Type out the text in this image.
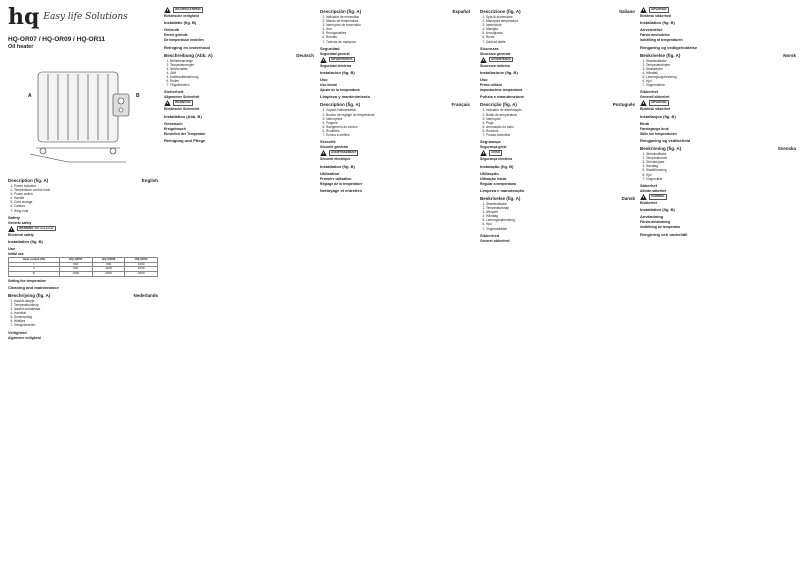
hq Easy life Solutions
HQ-OR07 / HQ-OR09 / HQ-OR11
Oil heater
A	B
Description (fig. A)	English
1. Power indicator
2. Temperature control knob
3. Power switch
4. Handle
5. Cord storage
6. Castors
7. Wing nuts
Safety
General safety
WARNING: Do not cover
Electrical safety
Installation (fig. B)
Use
Initial use
Heat output (W)	HQ-OR07	HQ-OR09	HQ-OR11
I	600	800	1000
II	900	1200	1500
III	1500	2000	2500
Setting the temperature
Cleaning and maintenance
Beschrijving (fig. A)	Nederlands
1. Aan/uit-lampje
2. Temperatuurknop
3. Aan/uit-schakelaar
4. Handvat
5. Snoeropslag
6. Wieltjes
7. Vleugelmoeren
Veiligheid
Algemene veiligheid
WAARSCHUWING
Elektrische veiligheid
Installatie (fig. B)
Gebruik
Eerste gebruik
De temperatuur instellen
Reiniging en onderhoud
Beschreibung (Abb. A)	Deutsch
1. Betriebsanzeige
2. Temperaturregler
3. Netzschalter
4. Griff
5. Kabelaufbewahrung
6. Rollen
7. Flügelmuttern
Sicherheit
Allgemeine Sicherheit
WARNUNG
Elektrische Sicherheit
Installation (Abb. B)
Gebrauch
Erstgebrauch
Einstellen der Temperatur
Reinigung und Pflege
Descripción (fig. A)	Español
1. Indicador de encendido
2. Mando de temperatura
3. Interruptor de encendido
4. Asa
5. Recogecables
6. Ruedas
7. Tuercas de mariposa
Seguridad
Seguridad general
ADVERTENCIA
Seguridad eléctrica
Instalación (fig. B)
Uso
Uso inicial
Ajuste de la temperatura
Limpieza y mantenimiento
Description (fig. A)	Français
1. Voyant d'alimentation
2. Bouton de réglage de température
3. Interrupteur
4. Poignée
5. Rangement du cordon
6. Roulettes
7. Écrous à oreilles
Sécurité
Sécurité générale
AVERTISSEMENT
Sécurité électrique
Installation (fig. B)
Utilisation
Première utilisation
Réglage de la température
Nettoyage et entretien
Descrizione (fig. A)	Italiano
1. Spia di accensione
2. Manopola temperatura
3. Interruttore
4. Maniglia
5. Avvolgicavo
6. Ruote
7. Dadi ad alette
Sicurezza
Sicurezza generale
AVVERTENZA
Sicurezza elettrica
Installazione (fig. B)
Uso
Primo utilizzo
Impostazione temperatura
Pulizia e manutenzione
Descrição (fig. A)	Português
1. Indicador de alimentação
2. Botão de temperatura
3. Interruptor
4. Pega
5. Arrumação do cabo
6. Rodízios
7. Porcas borboleta
Segurança
Segurança geral
AVISO
Segurança eléctrica
Instalação (fig. B)
Utilização
Utilização inicial
Regular a temperatura
Limpeza e manutenção
Beskrivelse (fig. A)	Dansk
1. Strømindikator
2. Temperaturknap
3. Afbryder
4. Håndtag
5. Ledningsopbevaring
6. Hjul
7. Vingemøtrikker
Sikkerhed
Generel sikkerhed
ADVARSEL
Elektrisk sikkerhed
Installation (fig. B)
Anvendelse
Første anvendelse
Indstilling af temperaturen
Rengøring og vedligeholdelse
Beskrivelse (fig. A)	Norsk
1. Strømindikator
2. Temperaturbryter
3. Strømbryter
4. Håndtak
5. Ledningsoppbevaring
6. Hjul
7. Vingemuttere
Sikkerhet
Generell sikkerhet
ADVARSEL
Elektrisk sikkerhet
Installasjon (fig. B)
Bruk
Førstegangs bruk
Stille inn temperaturen
Rengjøring og vedlikehold
Beskrivning (fig. A)	Svenska
1. Strömindikator
2. Temperaturratt
3. Strömbrytare
4. Handtag
5. Sladdförvaring
6. Hjul
7. Vingmuttrar
Säkerhet
Allmän säkerhet
VARNING
Elsäkerhet
Installation (fig. B)
Användning
Första användning
Inställning av temperatur
Rengöring och underhåll
